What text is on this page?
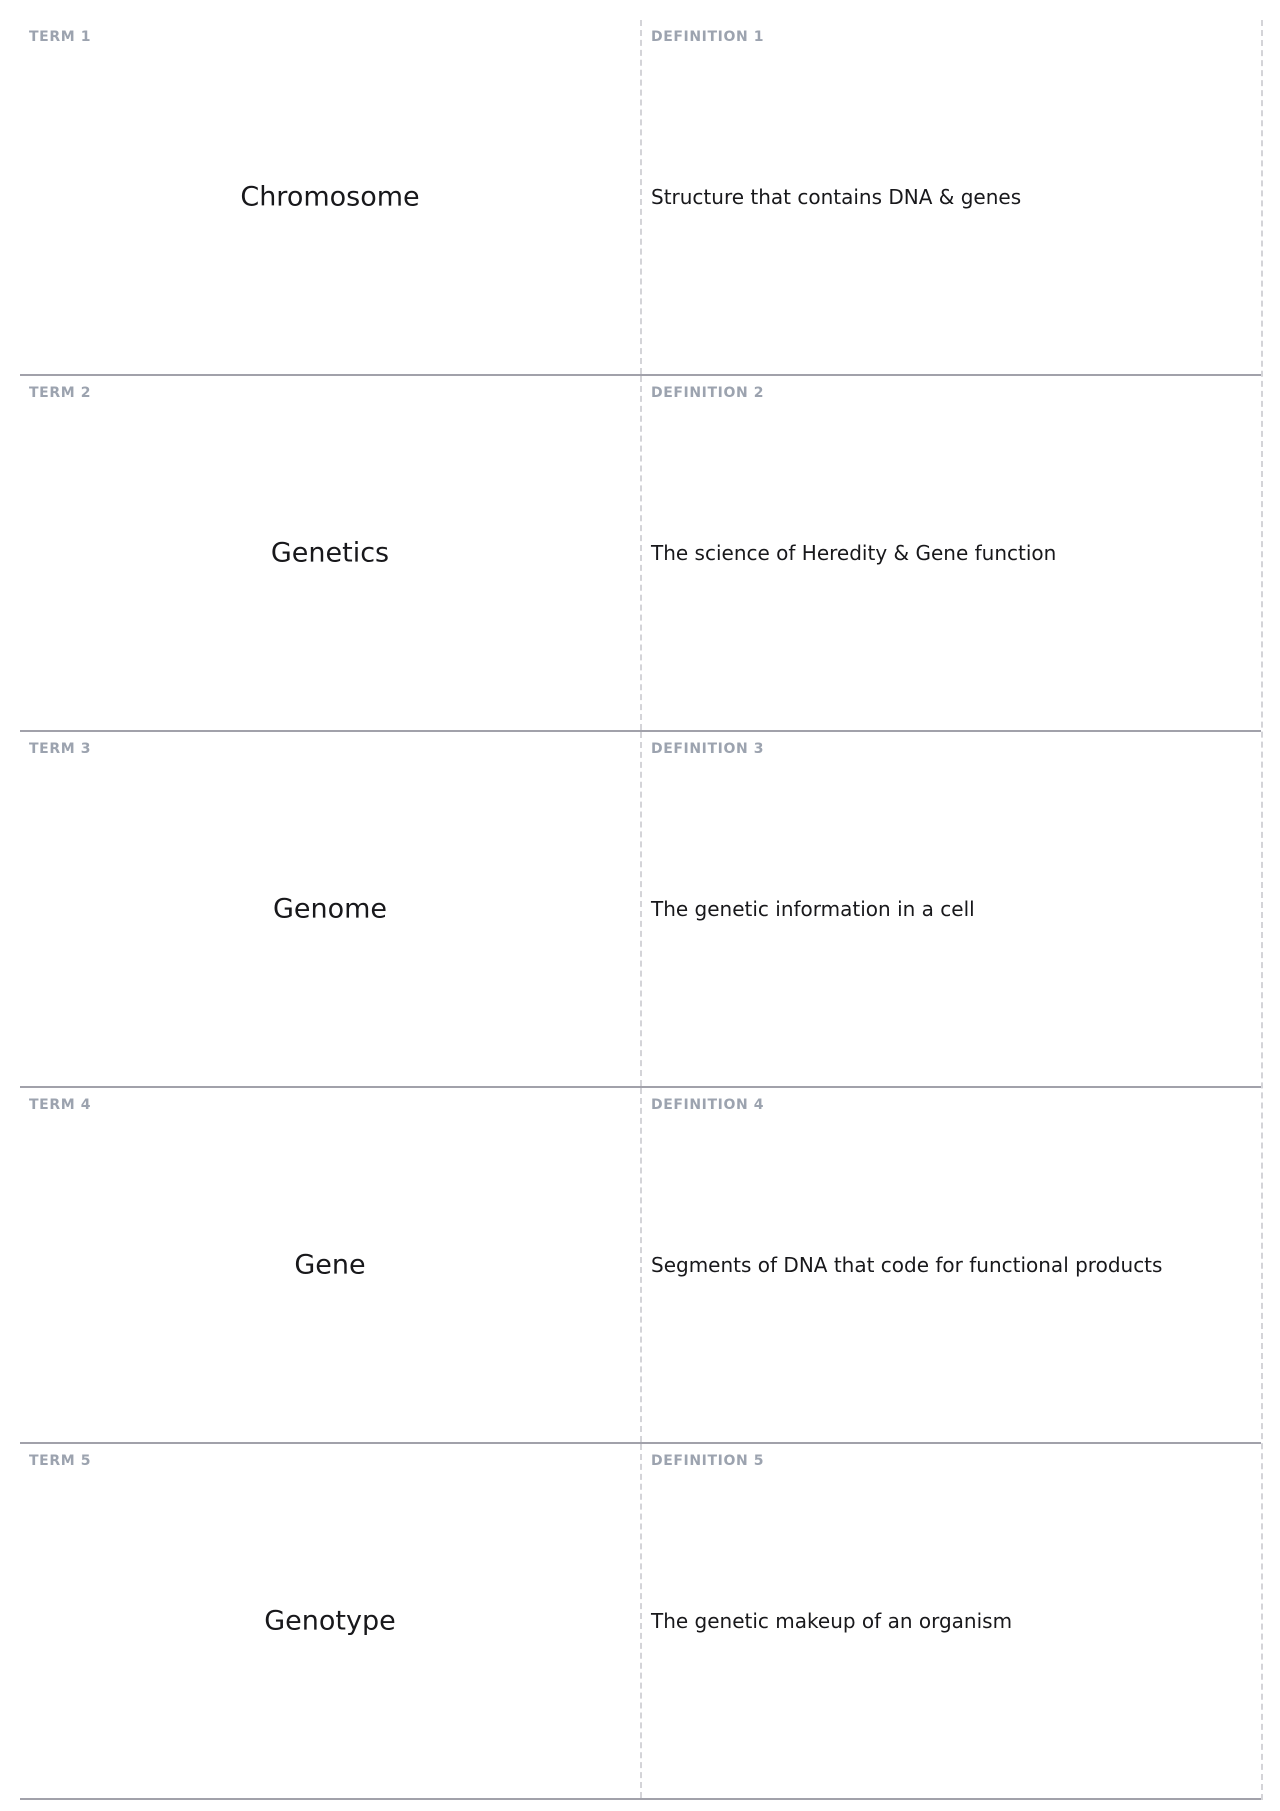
TERM 1
Chromosome
DEFINITION 1
Structure that contains DNA & genes
TERM 2
Genetics
DEFINITION 2
The science of Heredity & Gene function
TERM 3
Genome
DEFINITION 3
The genetic information in a cell
TERM 4
Gene
DEFINITION 4
Segments of DNA that code for functional products
TERM 5
Genotype
DEFINITION 5
The genetic makeup of an organism
